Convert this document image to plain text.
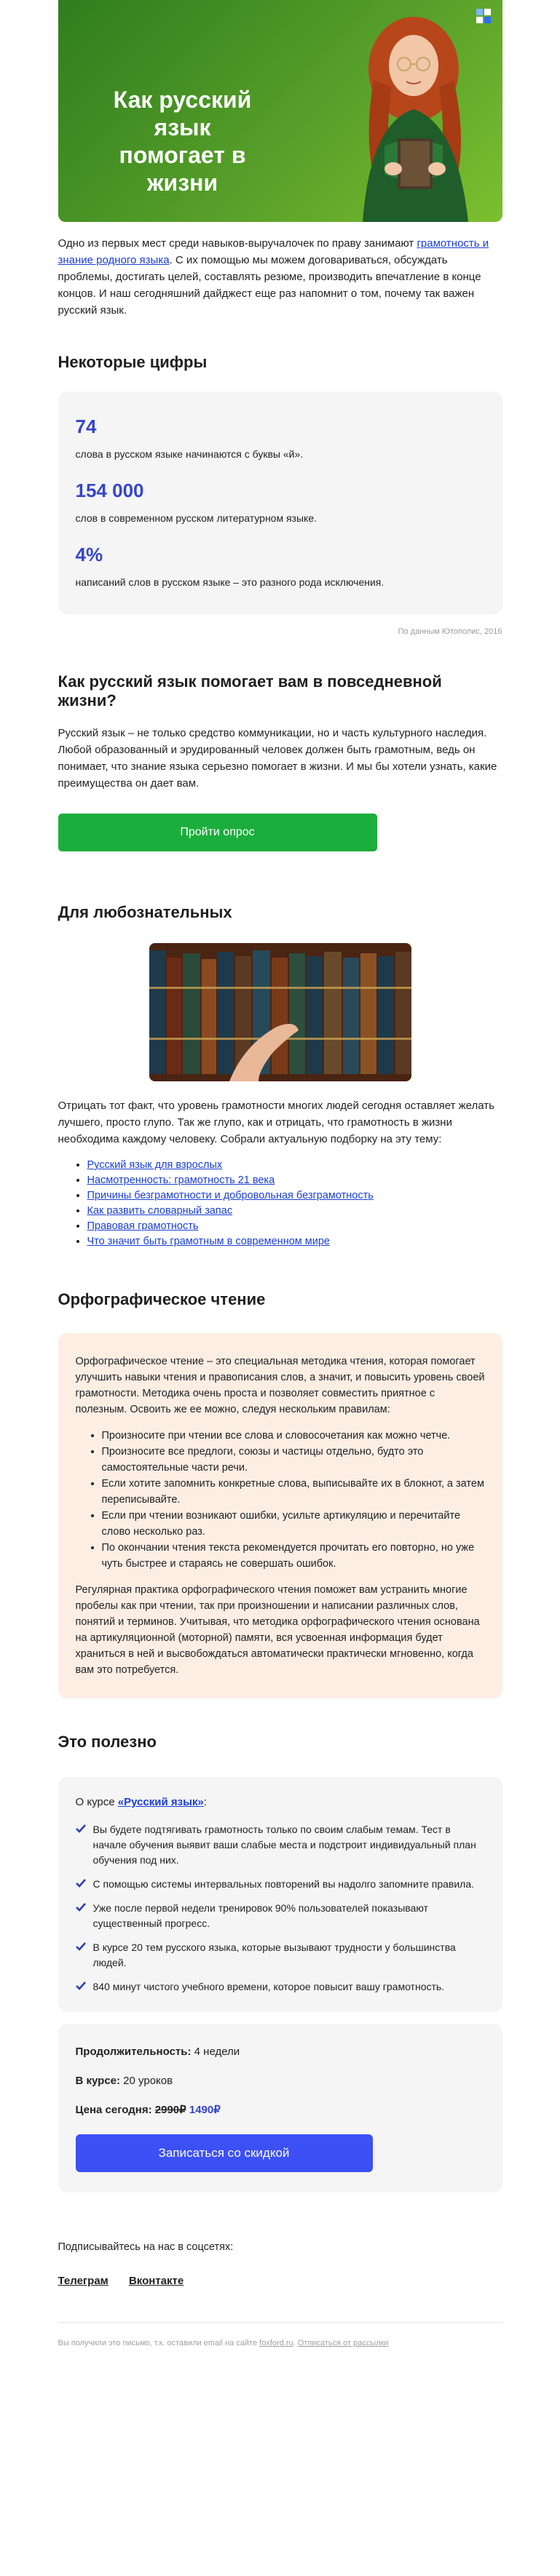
Как русский язык
помогает в жизни

Одно из первых мест среди навыков-выручалочек по праву занимают грамотность и знание родного языка. С их помощью мы можем договариваться, обсуждать проблемы, достигать целей, составлять резюме, производить впечатление в конце концов. И наш сегодняшний дайджест еще раз напомнит о том, почему так важен русский язык.

Некоторые цифры
74
слова в русском языке начинаются с буквы «й».
154 000
слов в современном русском литературном языке.
4%
написаний слов в русском языке – это разного рода исключения.
По данным Ютополис, 2016
Как русский язык помогает вам в повседневной жизни?

Русский язык – не только средство коммуникации, но и часть культурного наследия. Любой образованный и эрудированный человек должен быть грамотным, ведь он понимает, что знание языка серьезно помогает в жизни. И мы бы хотели узнать, какие преимущества он дает вам.

Пройти опрос
Для любознательных

Отрицать тот факт, что уровень грамотности многих людей сегодня оставляет желать лучшего, просто глупо. Так же глупо, как и отрицать, что грамотность в жизни необходима каждому человеку. Собрали актуальную подборку на эту тему:

• Русский язык для взрослых
• Насмотренность: грамотность 21 века
• Причины безграмотности и добровольная безграмотность
• Как развить словарный запас
• Правовая грамотность
• Что значит быть грамотным в современном мире
Орфографическое чтение

Орфографическое чтение – это специальная методика чтения, которая помогает улучшить навыки чтения и правописания слов, а значит, и повысить уровень своей грамотности. Методика очень проста и позволяет совместить приятное с полезным. Освоить же ее можно, следуя нескольким правилам:

• Произносите при чтении все слова и словосочетания как можно четче.
• Произносите все предлоги, союзы и частицы отдельно, будто это самостоятельные части речи.
• Если хотите запомнить конкретные слова, выписывайте их в блокнот, а затем переписывайте.
• Если при чтении возникают ошибки, усильте артикуляцию и перечитайте слово несколько раз.
• По окончании чтения текста рекомендуется прочитать его повторно, но уже чуть быстрее и стараясь не совершать ошибок.

Регулярная практика орфографического чтения поможет вам устранить многие пробелы как при чтении, так при произношении и написании различных слов, понятий и терминов. Учитывая, что методика орфографического чтения основана на артикуляционной (моторной) памяти, вся усвоенная информация будет храниться в ней и высвобождаться автоматически практически мгновенно, когда вам это потребуется.

Это полезно
О курсе «Русский язык»:
Вы будете подтягивать грамотность только по своим слабым темам. Тест в начале обучения выявит ваши слабые места и подстроит индивидуальный план обучения под них.
С помощью системы интервальных повторений вы надолго запомните правила.
Уже после первой недели тренировок 90% пользователей показывают существенный прогресс.
В курсе 20 тем русского языка, которые вызывают трудности у большинства людей.
840 минут чистого учебного времени, которое повысит вашу грамотность.
Продолжительность: 4 недели
В курсе: 20 уроков
Цена сегодня: 2990₽ 1490₽
Записаться со скидкой

Подписывайтесь на нас в соцсетях:

Телеграм Вконтакте
Вы получили это письмо, т.к. оставили email на сайте foxford.ru. Отписаться от рассылки
